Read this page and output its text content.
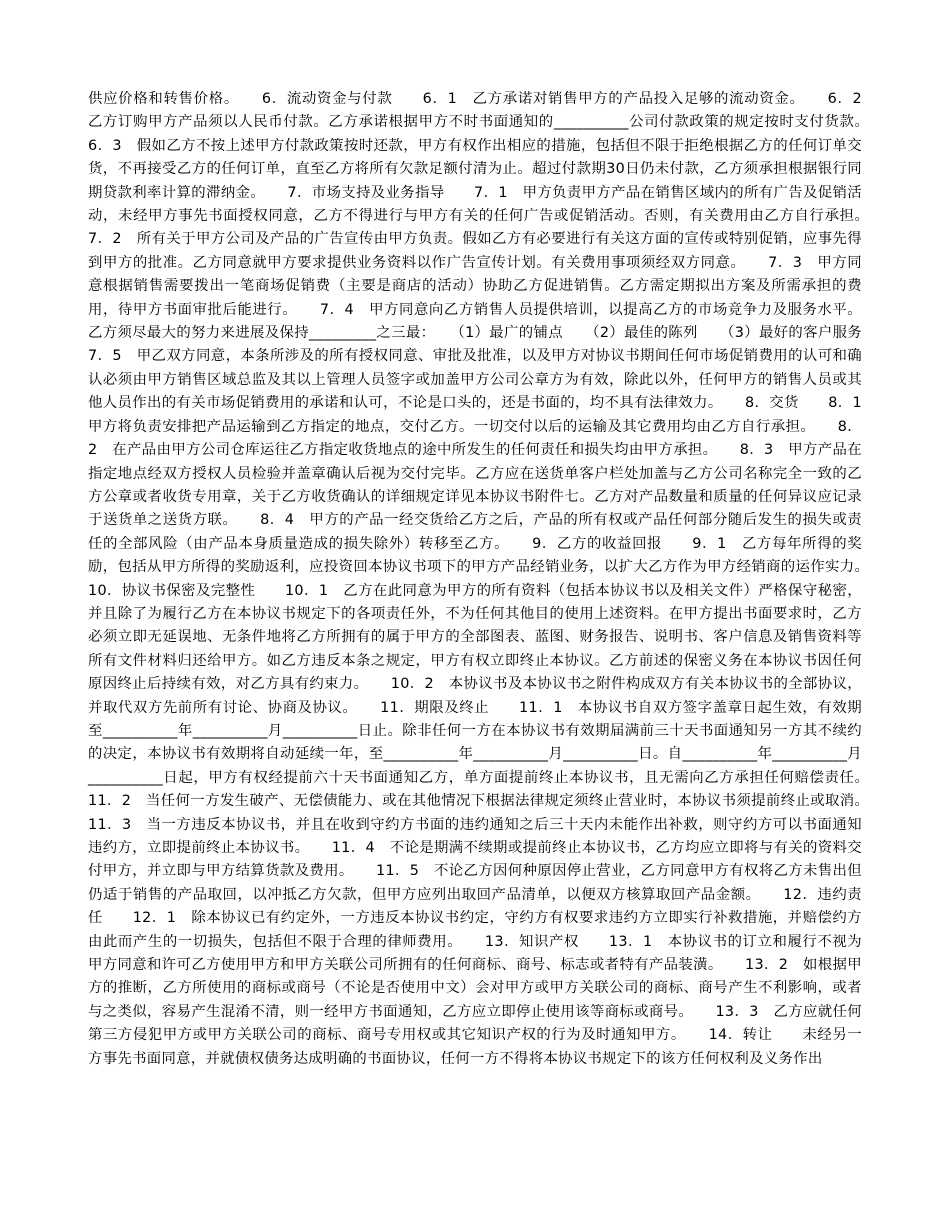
供应价格和转售价格。　　6．流动资金与付款　　6．1　乙方承诺对销售甲方的产品投入足够的流动资金。　　6．2　乙方订购甲方产品须以人民币付款。乙方承诺根据甲方不时书面通知的__________公司付款政策的规定按时支付货款。　　6．3　假如乙方不按上述甲方付款政策按时还款，甲方有权作出相应的措施，包括但不限于拒绝根据乙方的任何订单交货，不再接受乙方的任何订单，直至乙方将所有欠款足额付清为止。超过付款期30日仍未付款，乙方须承担根据银行同期贷款利率计算的滞纳金。　　7．市场支持及业务指导　　7．1　甲方负责甲方产品在销售区域内的所有广告及促销活动，未经甲方事先书面授权同意，乙方不得进行与甲方有关的任何广告或促销活动。否则，有关费用由乙方自行承担。　　7．2　所有关于甲方公司及产品的广告宣传由甲方负责。假如乙方有必要进行有关这方面的宣传或特别促销，应事先得到甲方的批准。乙方同意就甲方要求提供业务资料以作广告宣传计划。有关费用事项须经双方同意。　　7．3　甲方同意根据销售需要拨出一笔商场促销费（主要是商店的活动）协助乙方促进销售。乙方需定期拟出方案及所需承担的费用，待甲方书面审批后能进行。　　7．4　甲方同意向乙方销售人员提供培训，以提高乙方的市场竞争力及服务水平。乙方须尽最大的努力来进展及保持_________之三最：　　（1）最广的铺点　　（2）最佳的陈列　　（3）最好的客户服务　　7．5　甲乙双方同意，本条所涉及的所有授权同意、审批及批准，以及甲方对协议书期间任何市场促销费用的认可和确认必须由甲方销售区域总监及其以上管理人员签字或加盖甲方公司公章方为有效，除此以外，任何甲方的销售人员或其他人员作出的有关市场促销费用的承诺和认可，不论是口头的，还是书面的，均不具有法律效力。　　8．交货　　8．1　甲方将负责安排把产品运输到乙方指定的地点，交付乙方。一切交付以后的运输及其它费用均由乙方自行承担。　　8．2　在产品由甲方公司仓库运往乙方指定收货地点的途中所发生的任何责任和损失均由甲方承担。　　8．3　甲方产品在指定地点经双方授权人员检验并盖章确认后视为交付完毕。乙方应在送货单客户栏处加盖与乙方公司名称完全一致的乙方公章或者收货专用章，关于乙方收货确认的详细规定详见本协议书附件七。乙方对产品数量和质量的任何异议应记录于送货单之送货方联。　　8．4　甲方的产品一经交货给乙方之后，产品的所有权或产品任何部分随后发生的损失或责任的全部风险（由产品本身质量造成的损失除外）转移至乙方。　　9．乙方的收益回报　　9．1　乙方每年所得的奖励，包括从甲方所得的奖励返利，应投资回本协议书项下的甲方产品经销业务，以扩大乙方作为甲方经销商的运作实力。　　10．协议书保密及完整性　　10．1　乙方在此同意为甲方的所有资料（包括本协议书以及相关文件）严格保守秘密，并且除了为履行乙方在本协议书规定下的各项责任外，不为任何其他目的使用上述资料。在甲方提出书面要求时，乙方必须立即无延误地、无条件地将乙方所拥有的属于甲方的全部图表、蓝图、财务报告、说明书、客户信息及销售资料等所有文件材料归还给甲方。如乙方违反本条之规定，甲方有权立即终止本协议。乙方前述的保密义务在本协议书因任何原因终止后持续有效，对乙方具有约束力。　　10．2　本协议书及本协议书之附件构成双方有关本协议书的全部协议，并取代双方先前所有讨论、协商及协议。　　11．期限及终止　　11．1　本协议书自双方签字盖章日起生效，有效期至__________年__________月__________日止。除非任何一方在本协议书有效期届满前三十天书面通知另一方其不续约的决定，本协议书有效期将自动延续一年，至__________年__________月__________日。自__________年__________月__________日起，甲方有权经提前六十天书面通知乙方，单方面提前终止本协议书，且无需向乙方承担任何赔偿责任。　　11．2　当任何一方发生破产、无偿债能力、或在其他情况下根据法律规定须终止营业时，本协议书须提前终止或取消。　　11．3　当一方违反本协议书，并且在收到守约方书面的违约通知之后三十天内未能作出补救，则守约方可以书面通知违约方，立即提前终止本协议书。　　11．4　不论是期满不续期或提前终止本协议书，乙方均应立即将与有关的资料交付甲方，并立即与甲方结算货款及费用。　　11．5　不论乙方因何种原因停止营业，乙方同意甲方有权将乙方未售出但仍适于销售的产品取回，以冲抵乙方欠款，但甲方应列出取回产品清单，以便双方核算取回产品金额。　　12．违约责任　　12．1　除本协议已有约定外，一方违反本协议书约定，守约方有权要求违约方立即实行补救措施，并赔偿约方由此而产生的一切损失，包括但不限于合理的律师费用。　　13．知识产权　　13．1　本协议书的订立和履行不视为甲方同意和许可乙方使用甲方和甲方关联公司所拥有的任何商标、商号、标志或者特有产品装潢。　　13．2　如根据甲方的推断，乙方所使用的商标或商号（不论是否使用中文）会对甲方或甲方关联公司的商标、商号产生不利影响，或者与之类似，容易产生混淆不清，则一经甲方书面通知，乙方应立即停止使用该等商标或商号。　　13．3　乙方应就任何第三方侵犯甲方或甲方关联公司的商标、商号专用权或其它知识产权的行为及时通知甲方。　　14．转让　　未经另一方事先书面同意，并就债权债务达成明确的书面协议，任何一方不得将本协议书规定下的该方任何权利及义务作出
